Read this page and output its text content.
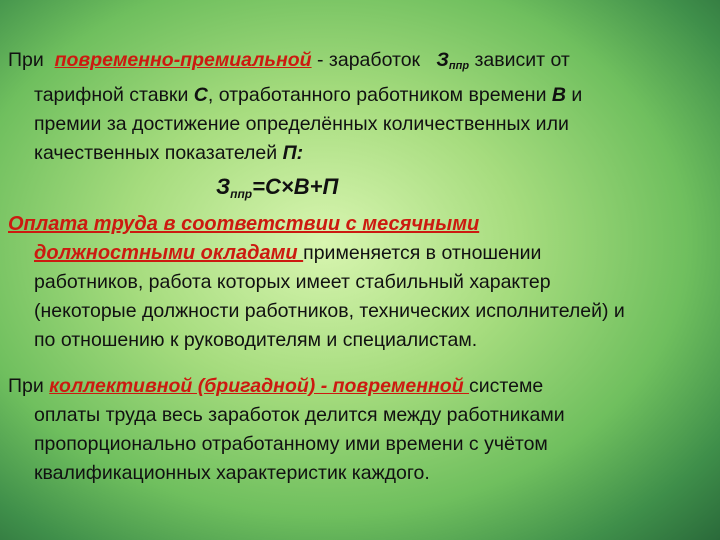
При  повременно-премиальной - заработок   $З_{ппр}$ зависит от
тарифной ставки С, отработанного работником времени В и
премии за достижение определённых количественных или
качественных показателей П:
$З_{ппр}=С\times В+П$
Оплата труда в соответствии с месячными
должностными окладами применяется в отношении
работников, работа которых имеет стабильный характер
(некоторые должности работников, технических исполнителей) и
по отношению к руководителям и специалистам.
При коллективной (бригадной) - повременной системе
оплаты труда весь заработок делится между работниками
пропорционально отработанному ими времени с учётом
квалификационных характеристик каждого.
